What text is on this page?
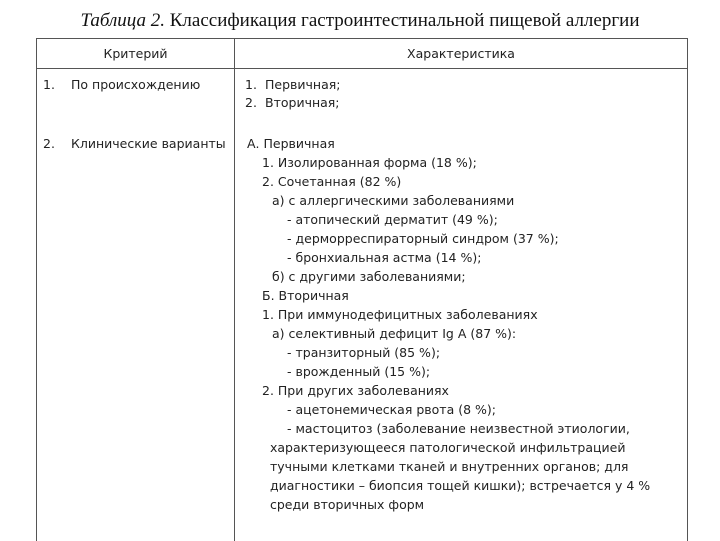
Таблица 2. Классификация гастроинтестинальной пищевой аллергии
Критерий	Характеристика
1. По происхождению	1. Первичная;
2. Вторичная;
2. Клинические варианты А. Первичная
1. Изолированная форма (18 %);
2. Сочетанная (82 %)
а) с аллергическими заболеваниями
- атопический дерматит (49 %);
- дерморреспираторный синдром (37 %);
- бронхиальная астма (14 %);
б) с другими заболеваниями;
Б. Вторичная
1. При иммунодефицитных заболеваниях
а) селективный дефицит Ig A (87 %):
- транзиторный (85 %);
- врожденный (15 %);
2. При других заболеваниях
- ацетонемическая рвота (8 %);
- мастоцитоз (заболевание неизвестной этиологии,
характеризующееся патологической инфильтрацией
тучными клетками тканей и внутренних органов; для
диагностики – биопсия тощей кишки); встречается у 4 %
среди вторичных форм
